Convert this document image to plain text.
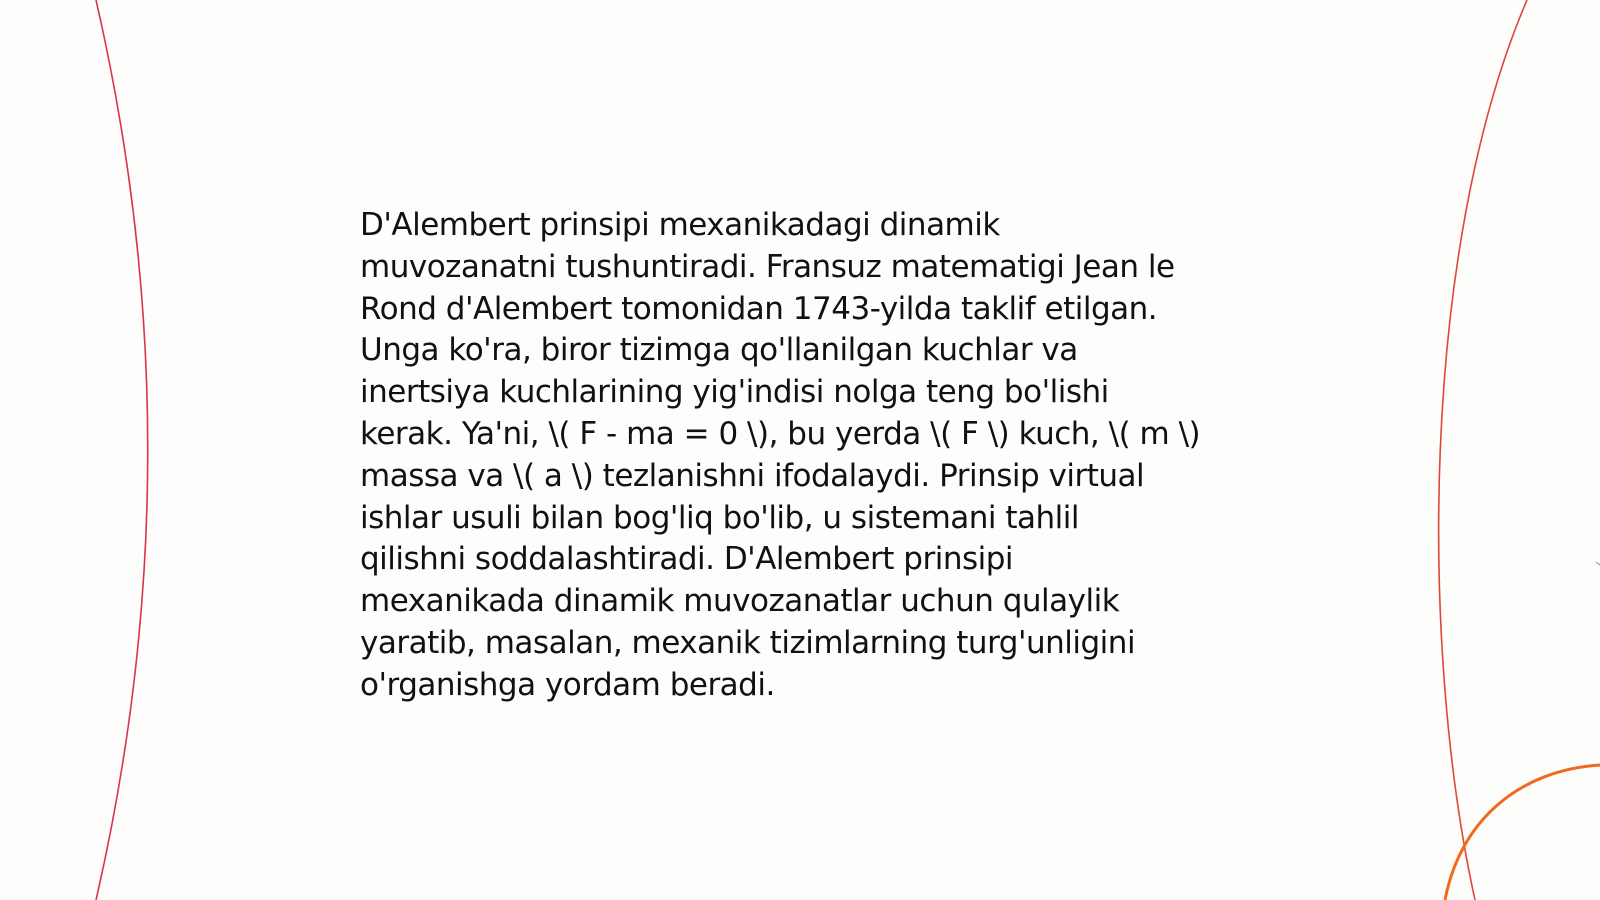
D'Alembert prinsipi mexanikadagi dinamik
muvozanatni tushuntiradi. Fransuz matematigi Jean le
Rond d'Alembert tomonidan 1743-yilda taklif etilgan.
Unga ko'ra, biror tizimga qo'llanilgan kuchlar va
inertsiya kuchlarining yig'indisi nolga teng bo'lishi
kerak. Ya'ni, \( F - ma = 0 \), bu yerda \( F \) kuch, \( m \)
massa va \( a \) tezlanishni ifodalaydi. Prinsip virtual
ishlar usuli bilan bog'liq bo'lib, u sistemani tahlil
qilishni soddalashtiradi. D'Alembert prinsipi
mexanikada dinamik muvozanatlar uchun qulaylik
yaratib, masalan, mexanik tizimlarning turg'unligini
o'rganishga yordam beradi.
